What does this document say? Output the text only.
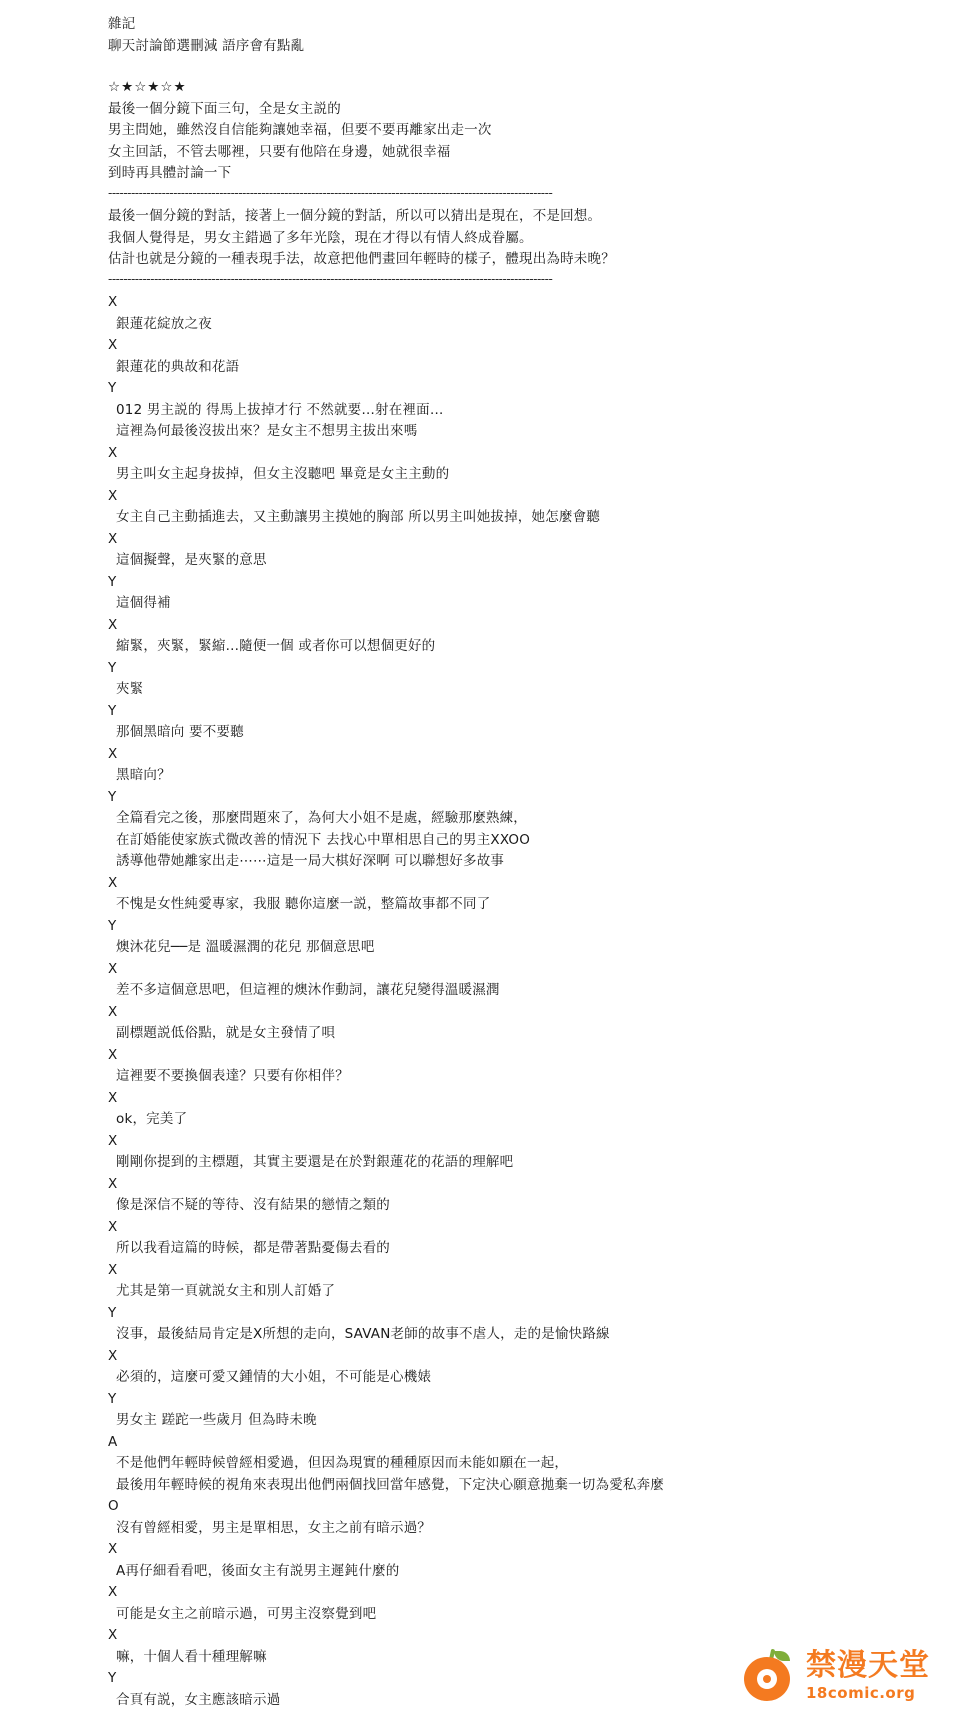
雜記
聊天討論節選刪減 語序會有點亂
☆★☆★☆★
最後一個分鏡下面三句，全是女主説的
男主問她，雖然沒自信能夠讓她幸福，但要不要再離家出走一次
女主回話，不管去哪裡，只要有他陪在身邊，她就很幸福
到時再具體討論一下
--------------------------------------------------------------------------------------------------------------------
最後一個分鏡的對話，接著上一個分鏡的對話，所以可以猜出是現在，不是回想。
我個人覺得是，男女主錯過了多年光陰，現在才得以有情人終成眷屬。
估計也就是分鏡的一種表現手法，故意把他們畫回年輕時的樣子，體現出為時未晚？
--------------------------------------------------------------------------------------------------------------------
X
銀蓮花綻放之夜
X
銀蓮花的典故和花語
Y
012 男主説的 得馬上拔掉才行 不然就要…射在裡面…
這裡為何最後沒拔出來？是女主不想男主拔出來嗎
X
男主叫女主起身拔掉，但女主沒聽吧 畢竟是女主主動的
X
女主自己主動插進去，又主動讓男主摸她的胸部 所以男主叫她拔掉，她怎麼會聽
X
這個擬聲，是夾緊的意思
Y
這個得補
X
縮緊，夾緊，緊縮...隨便一個 或者你可以想個更好的
Y
夾緊
Y
那個黑暗向 要不要聽
X
黑暗向？
Y
全篇看完之後，那麼問題來了，為何大小姐不是處，經驗那麼熟練，
在訂婚能使家族式微改善的情況下 去找心中單相思自己的男主XXOO
誘導他帶她離家出走⋯⋯這是一局大棋好深啊 可以聯想好多故事
X
不愧是女性純愛專家，我服 聽你這麼一説，整篇故事都不同了
Y
燠沐花兒──是 溫暖濕潤的花兒 那個意思吧
X
差不多這個意思吧，但這裡的燠沐作動詞，讓花兒變得溫暖濕潤
X
副標題説低俗點，就是女主發情了唄
X
這裡要不要換個表達？只要有你相伴？
X
ok，完美了
X
剛剛你提到的主標題，其實主要還是在於對銀蓮花的花語的理解吧
X
像是深信不疑的等待、沒有結果的戀情之類的
X
所以我看這篇的時候，都是帶著點憂傷去看的
X
尤其是第一頁就説女主和別人訂婚了
Y
沒事，最後結局肯定是X所想的走向，SAVAN老師的故事不虐人，走的是愉快路線
X
必須的，這麼可愛又鍾情的大小姐，不可能是心機婊
Y
男女主 蹉跎一些歲月 但為時未晚
A
不是他們年輕時候曾經相愛過，但因為現實的種種原因而未能如願在一起，
最後用年輕時候的視角來表現出他們兩個找回當年感覺，下定決心願意拋棄一切為愛私奔麼
O
沒有曾經相愛，男主是單相思，女主之前有暗示過？
X
A再仔細看看吧，後面女主有説男主遲鈍什麼的
X
可能是女主之前暗示過，可男主沒察覺到吧
X
嘛，十個人看十種理解嘛
Y
合頁有説，女主應該暗示過
禁漫天堂
18comic.org
